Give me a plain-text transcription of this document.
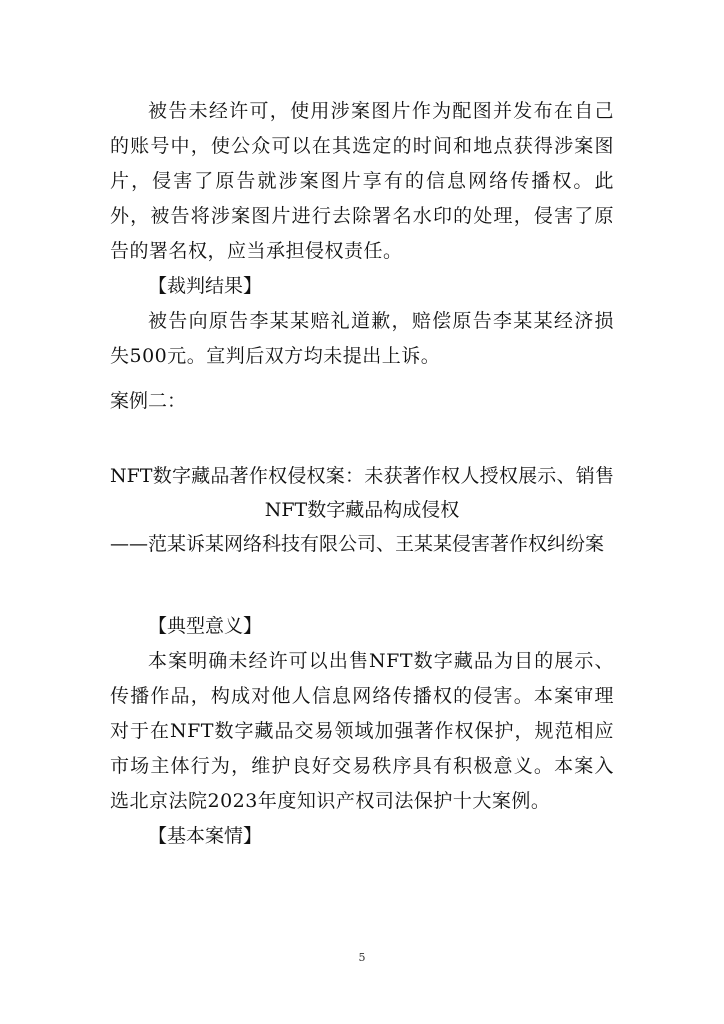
被告未经许可，使用涉案图片作为配图并发布在自己的账号中，使公众可以在其选定的时间和地点获得涉案图片，侵害了原告就涉案图片享有的信息网络传播权。此外，被告将涉案图片进行去除署名水印的处理，侵害了原告的署名权，应当承担侵权责任。

【裁判结果】

被告向原告李某某赔礼道歉，赔偿原告李某某经济损失500元。宣判后双方均未提出上诉。

案例二：

NFT数字藏品著作权侵权案：未获著作权人授权展示、销售
NFT数字藏品构成侵权
——范某诉某网络科技有限公司、王某某侵害著作权纠纷案

【典型意义】

本案明确未经许可以出售NFT数字藏品为目的展示、传播作品，构成对他人信息网络传播权的侵害。本案审理对于在NFT数字藏品交易领域加强著作权保护，规范相应市场主体行为，维护良好交易秩序具有积极意义。本案入选北京法院2023年度知识产权司法保护十大案例。

【基本案情】

5
